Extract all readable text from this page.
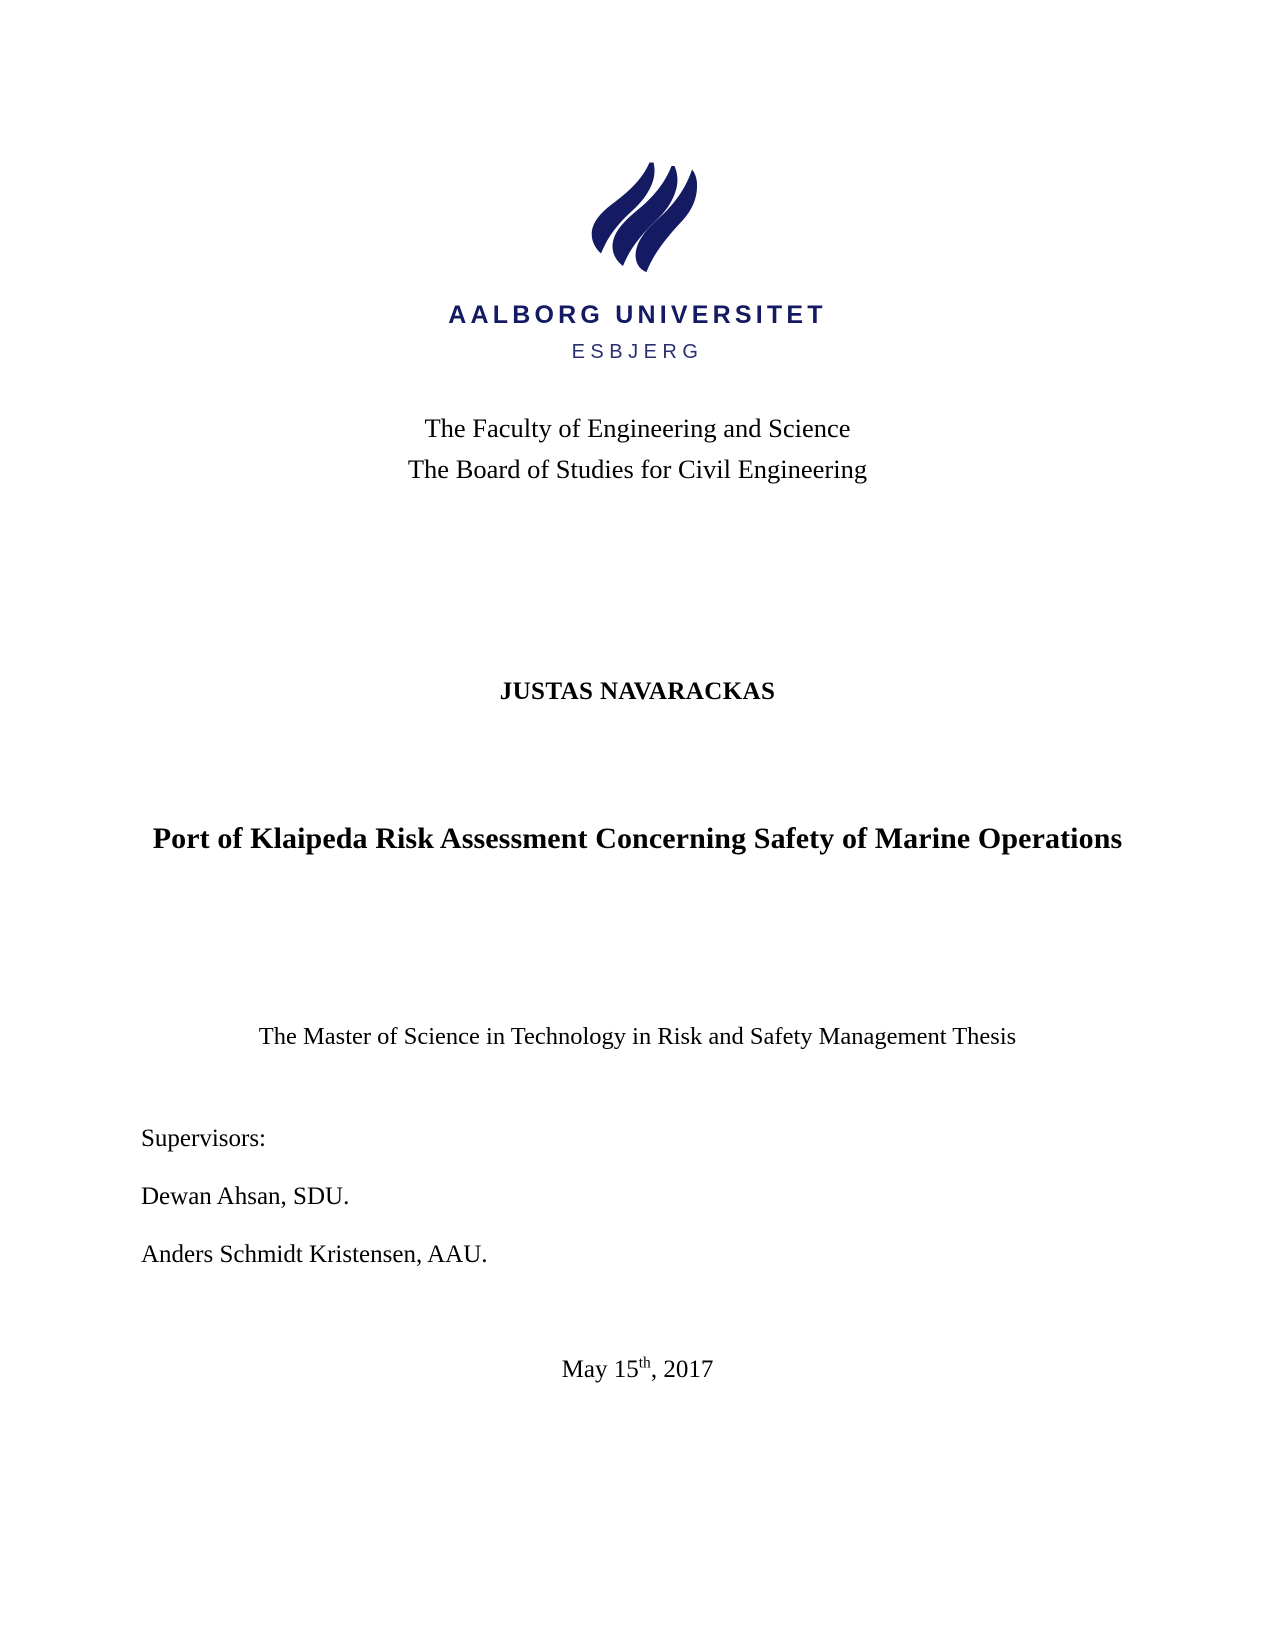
AALBORG UNIVERSITET
ESBJERG
The Faculty of Engineering and Science
The Board of Studies for Civil Engineering
JUSTAS NAVARACKAS
Port of Klaipeda Risk Assessment Concerning Safety of Marine Operations
The Master of Science in Technology in Risk and Safety Management Thesis
Supervisors:
Dewan Ahsan, SDU.
Anders Schmidt Kristensen, AAU.
May 15th, 2017
